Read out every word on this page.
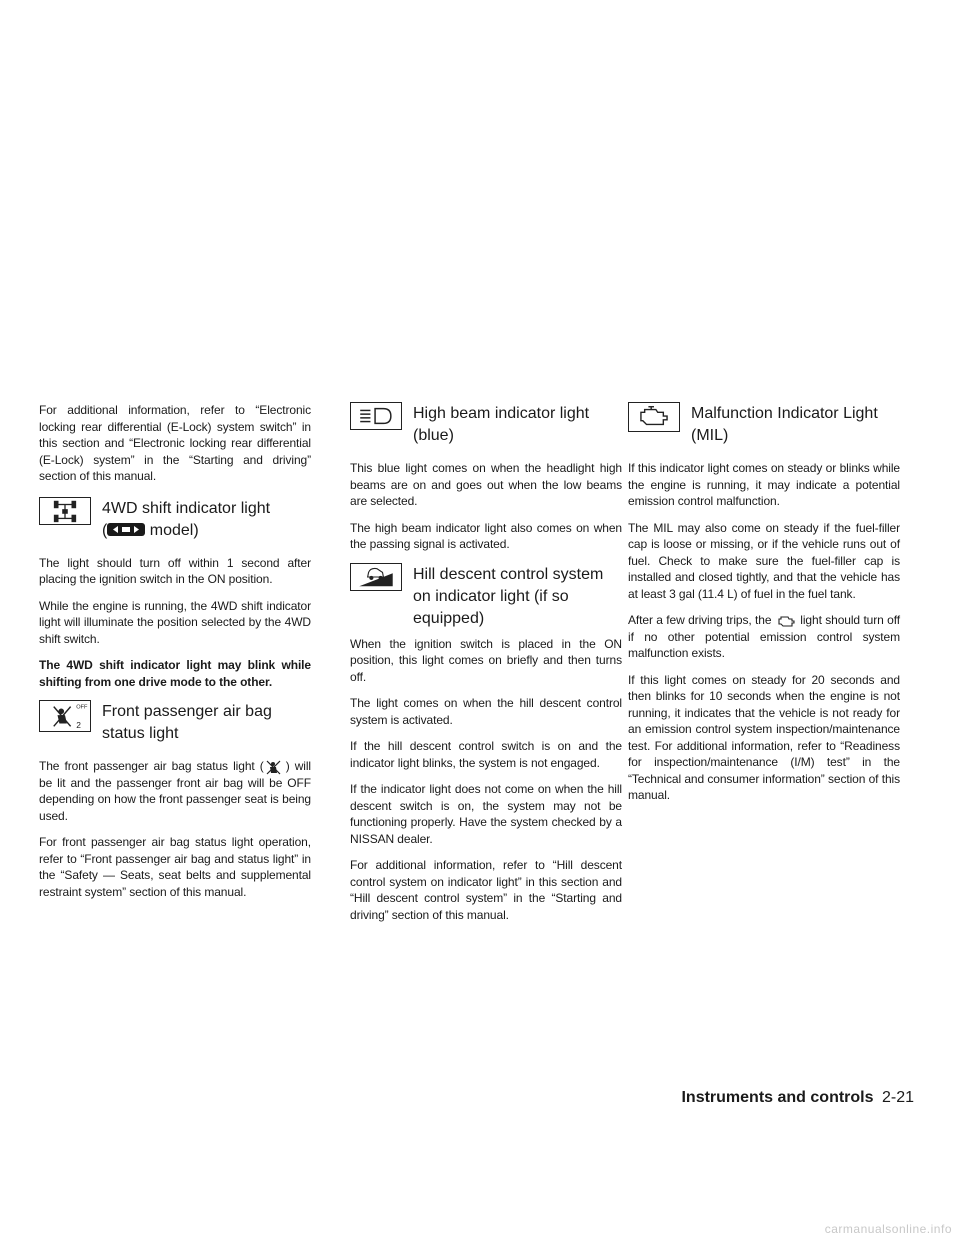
For additional information, refer to “Electronic locking rear differential (E-Lock) system switch” in this section and “Electronic locking rear differential (E-Lock) system” in the “Starting and driving” section of this manual.

4WD shift indicator light
(	model)

The light should turn off within 1 second after placing the ignition switch in the ON position.

While the engine is running, the 4WD shift indicator light will illuminate the position selected by the 4WD shift switch.

The 4WD shift indicator light may blink while shifting from one drive mode to the other.

OFF
2
Front passenger air bag status light

The front passenger air bag status light ( ) will be lit and the passenger front air bag will be OFF depending on how the front passenger seat is being used.

For front passenger air bag status light operation, refer to “Front passenger air bag and status light” in the “Safety — Seats, seat belts and supplemental restraint system” section of this manual.

High beam indicator light (blue)

This blue light comes on when the headlight high beams are on and goes out when the low beams are selected.

The high beam indicator light also comes on when the passing signal is activated.

Hill descent control system on indicator light (if so equipped)

When the ignition switch is placed in the ON position, this light comes on briefly and then turns off.

The light comes on when the hill descent control system is activated.

If the hill descent control switch is on and the indicator light blinks, the system is not engaged.

If the indicator light does not come on when the hill descent switch is on, the system may not be functioning properly. Have the system checked by a NISSAN dealer.

For additional information, refer to “Hill descent control system on indicator light” in this section and “Hill descent control system” in the “Starting and driving” section of this manual.

Malfunction Indicator Light (MIL)

If this indicator light comes on steady or blinks while the engine is running, it may indicate a potential emission control malfunction.

The MIL may also come on steady if the fuel-filler cap is loose or missing, or if the vehicle runs out of fuel. Check to make sure the fuel-filler cap is installed and closed tightly, and that the vehicle has at least 3 gal (11.4 L) of fuel in the fuel tank.

After a few driving trips, the light should turn off if no other potential emission control system malfunction exists.

If this light comes on steady for 20 seconds and then blinks for 10 seconds when the engine is not running, it indicates that the vehicle is not ready for an emission control system inspection/maintenance test. For additional information, refer to “Readiness for inspection/maintenance (I/M) test” in the “Technical and consumer information” section of this manual.

Instruments and controls 2-21
carmanualsonline.info
